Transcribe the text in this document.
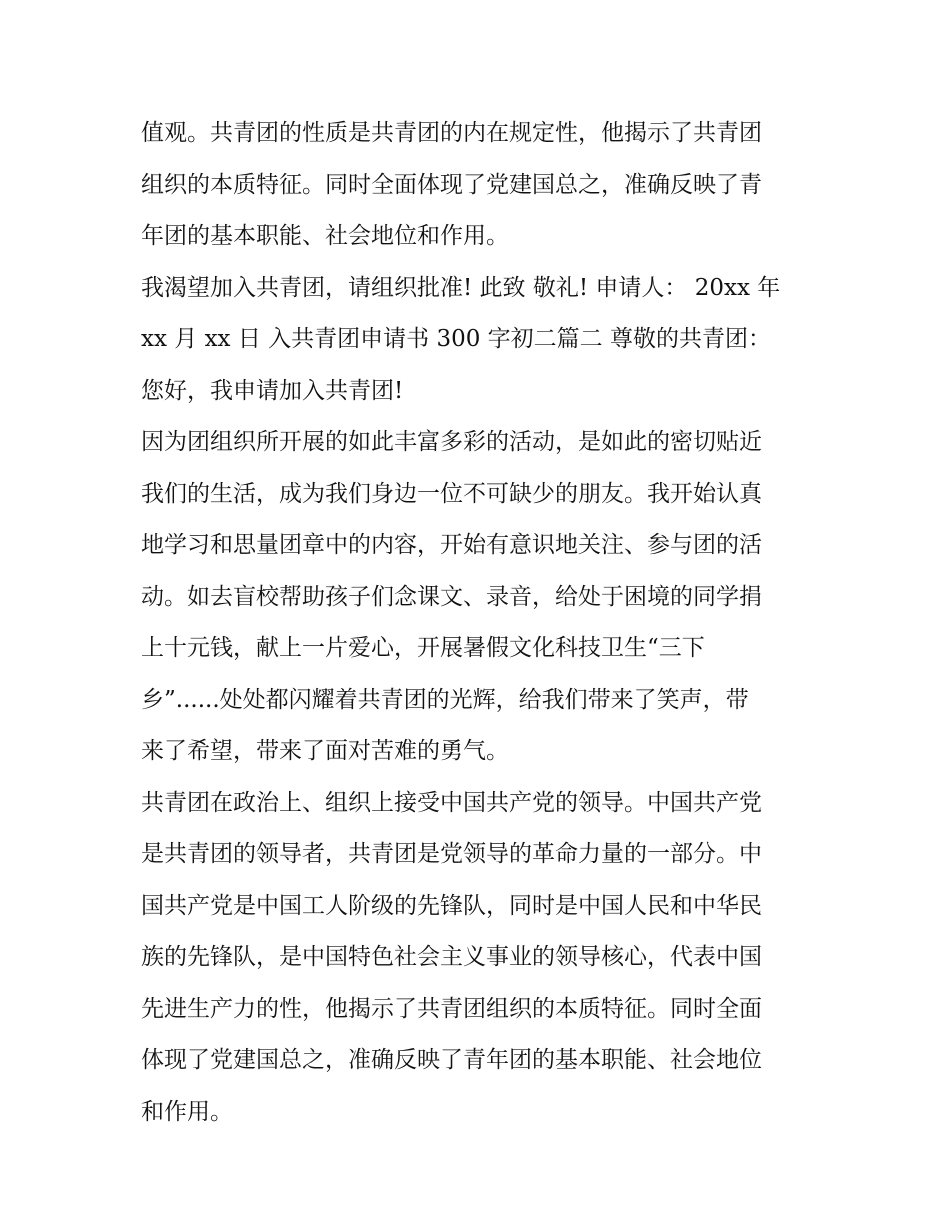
值观。共青团的性质是共青团的内在规定性，他揭示了共青团
组织的本质特征。同时全面体现了党建国总之，准确反映了青
年团的基本职能、社会地位和作用。
我渴望加入共青团，请组织批准! 此致 敬礼! 申请人： 20xx 年
xx 月 xx 日 入共青团申请书 300 字初二篇二 尊敬的共青团：
您好，我申请加入共青团!
因为团组织所开展的如此丰富多彩的活动，是如此的密切贴近
我们的生活，成为我们身边一位不可缺少的朋友。我开始认真
地学习和思量团章中的内容，开始有意识地关注、参与团的活
动。如去盲校帮助孩子们念课文、录音，给处于困境的同学捐
上十元钱，献上一片爱心，开展暑假文化科技卫生“三下
乡”......处处都闪耀着共青团的光辉，给我们带来了笑声，带
来了希望，带来了面对苦难的勇气。
共青团在政治上、组织上接受中国共产党的领导。中国共产党
是共青团的领导者，共青团是党领导的革命力量的一部分。中
国共产党是中国工人阶级的先锋队，同时是中国人民和中华民
族的先锋队，是中国特色社会主义事业的领导核心，代表中国
先进生产力的性，他揭示了共青团组织的本质特征。同时全面
体现了党建国总之，准确反映了青年团的基本职能、社会地位
和作用。
